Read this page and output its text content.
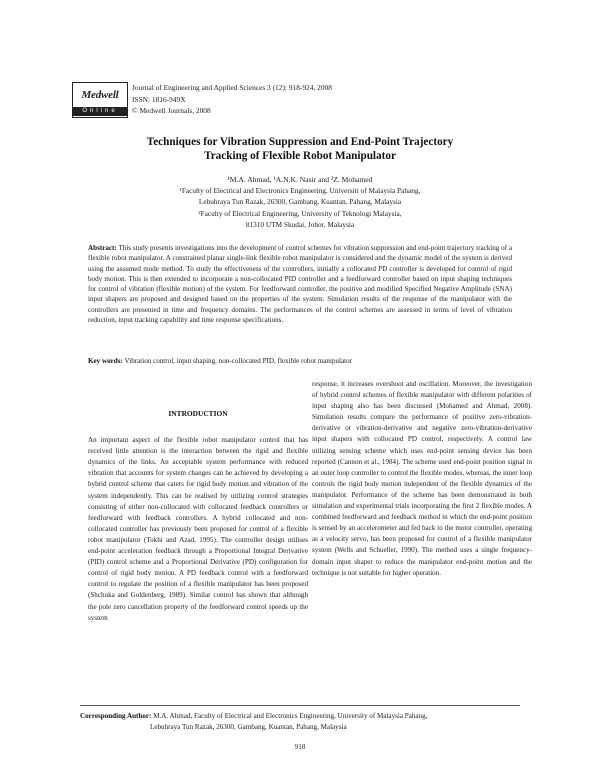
Medwell
Online
Journal of Engineering and Applied Sciences 3 (12): 918-924, 2008
ISSN: 1816-949X
© Medwell Journals, 2008
Techniques for Vibration Suppression and End-Point Trajectory
Tracking of Flexible Robot Manipulator
¹M.A. Ahmad, ¹A.N.K. Nasir and ²Z. Mohamed
¹Faculty of Electrical and Electronics Engineering, Universiti of Malaysia Pahang,
Lebuhraya Tun Razak, 26300, Gambang, Kuantan, Pahang, Malaysia
²Faculty of Electrical Engineering, University of Teknologi Malaysia,
81310 UTM Skudai, Johor, Malaysia
Abstract: This study presents investigations into the development of control schemes for vibration suppression and end-point trajectory tracking of a flexible robot manipulator. A constrained planar single-link flexible robot manipulator is considered and the dynamic model of the system is derived using the assumed mode method. To study the effectiveness of the controllers, initially a collocated PD controller is developed for control of rigid body motion. This is then extended to incorporate a non-collocated PID controller and a feedforward controller based on input shaping techniques for control of vibration (flexible motion) of the system. For feedforward controller, the positive and modified Specified Negative Amplitude (SNA) input shapers are proposed and designed based on the properties of the system. Simulation results of the response of the manipulator with the controllers are presented in time and frequency domains. The performances of the control schemes are assessed in terms of level of vibration reduction, input tracking capability and time response specifications.
Key words: Vibration control, input shaping, non-collocated PID, flexible robot manipulator
INTRODUCTION

An important aspect of the flexible robot manipulator control that has received little attention is the interaction between the rigid and flexible dynamics of the links. An acceptable system performance with reduced vibration that accounts for system changes can be achieved by developing a hybrid control scheme that caters for rigid body motion and vibration of the system independently. This can be realised by utilizing control strategies consisting of either non-collocated with collocated feedback controllers or feedforward with feedback controllers. A hybrid collocated and non-collocated controller has previously been proposed for control of a flexible robot manipulator (Tokhi and Azad, 1995). The controller design utilises end-point acceleration feedback through a Proportional Integral Derivative (PID) control scheme and a Proportional Derivative (PD) configuration for control of rigid body motion. A PD feedback control with a feedforward control to regulate the position of a flexible manipulator has been proposed (Shchuka and Goldenberg, 1989). Similar control has shown that although the pole zero cancellation property of the feedforward control speeds up the system

response, it increases overshoot and oscillation. Moreover, the investigation of hybrid control schemes of flexible manipulator with different polarities of input shaping also has been discussed (Mohamed and Ahmad, 2008). Simulation results compare the performance of positive zero-vibration-derivative or vibration-derivative and negative zero-vibration-derivative input shapers with collocated PD control, respectively. A control law utilizing sensing scheme which uses end-point sensing device has been reported (Cannon et al., 1984). The scheme used end-point position signal in an outer loop controller to control the flexible modes, whereas, the inner loop controls the rigid body motion independent of the flexible dynamics of the manipulator. Performance of the scheme has been demonstrated in both simulation and experimental trials incorporating the first 2 flexible modes. A combined feedforward and feedback method in which the end-point position is sensed by an accelerometer and fed back to the motor controller, operating as a velocity servo, has been proposed for control of a flexible manipulator system (Wells and Schueller, 1990). The method uses a single frequency-domain input shaper to reduce the manipulator end-point motion and the technique is not suitable for higher operation.

Corresponding Author: M.A. Ahmad, Faculty of Electrical and Electronics Engineering, University of Malaysia Pahang,
Lebuhraya Tun Razak, 26300, Gambang, Kuantan, Pahang, Malaysia
918
